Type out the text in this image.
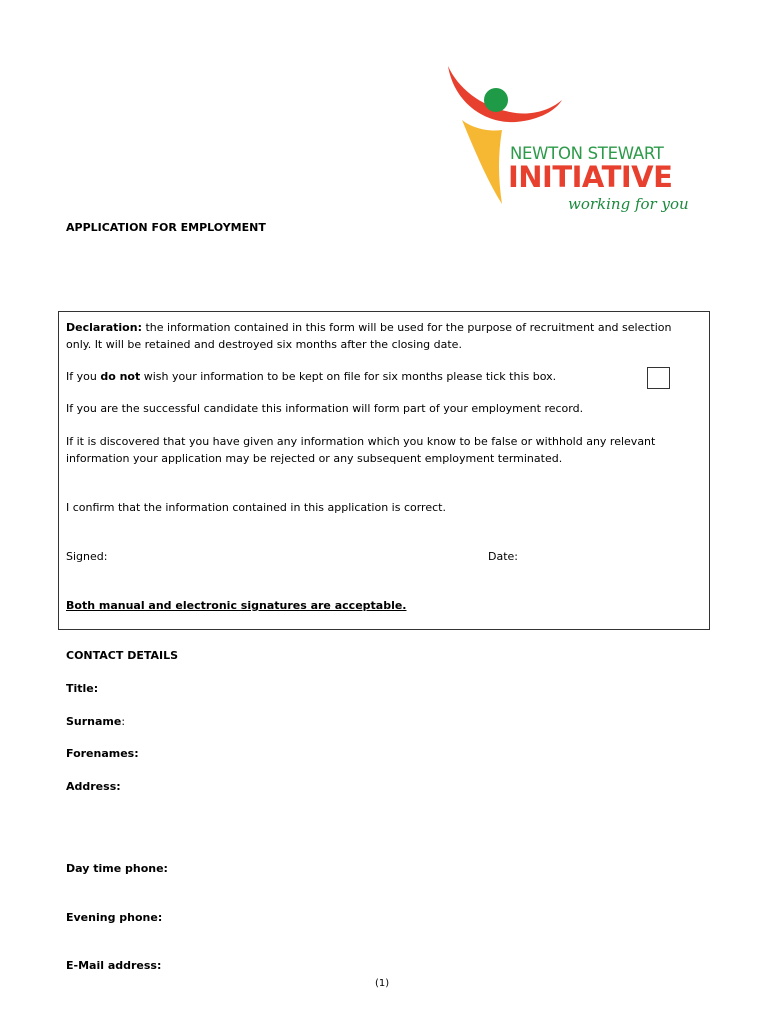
NEWTON STEWART
INITIATIVE
working for you
APPLICATION FOR EMPLOYMENT
Declaration: the information contained in this form will be used for the purpose of recruitment and selection
only. It will be retained and destroyed six months after the closing date.
If you do not wish your information to be kept on file for six months please tick this box.
If you are the successful candidate this information will form part of your employment record.
If it is discovered that you have given any information which you know to be false or withhold any relevant
information your application may be rejected or any subsequent employment terminated.
I confirm that the information contained in this application is correct.
Signed:	Date:
Both manual and electronic signatures are acceptable.
CONTACT DETAILS
Title:
Surname:
Forenames:
Address:
Day time phone:
Evening phone:
E-Mail address:
(1)
